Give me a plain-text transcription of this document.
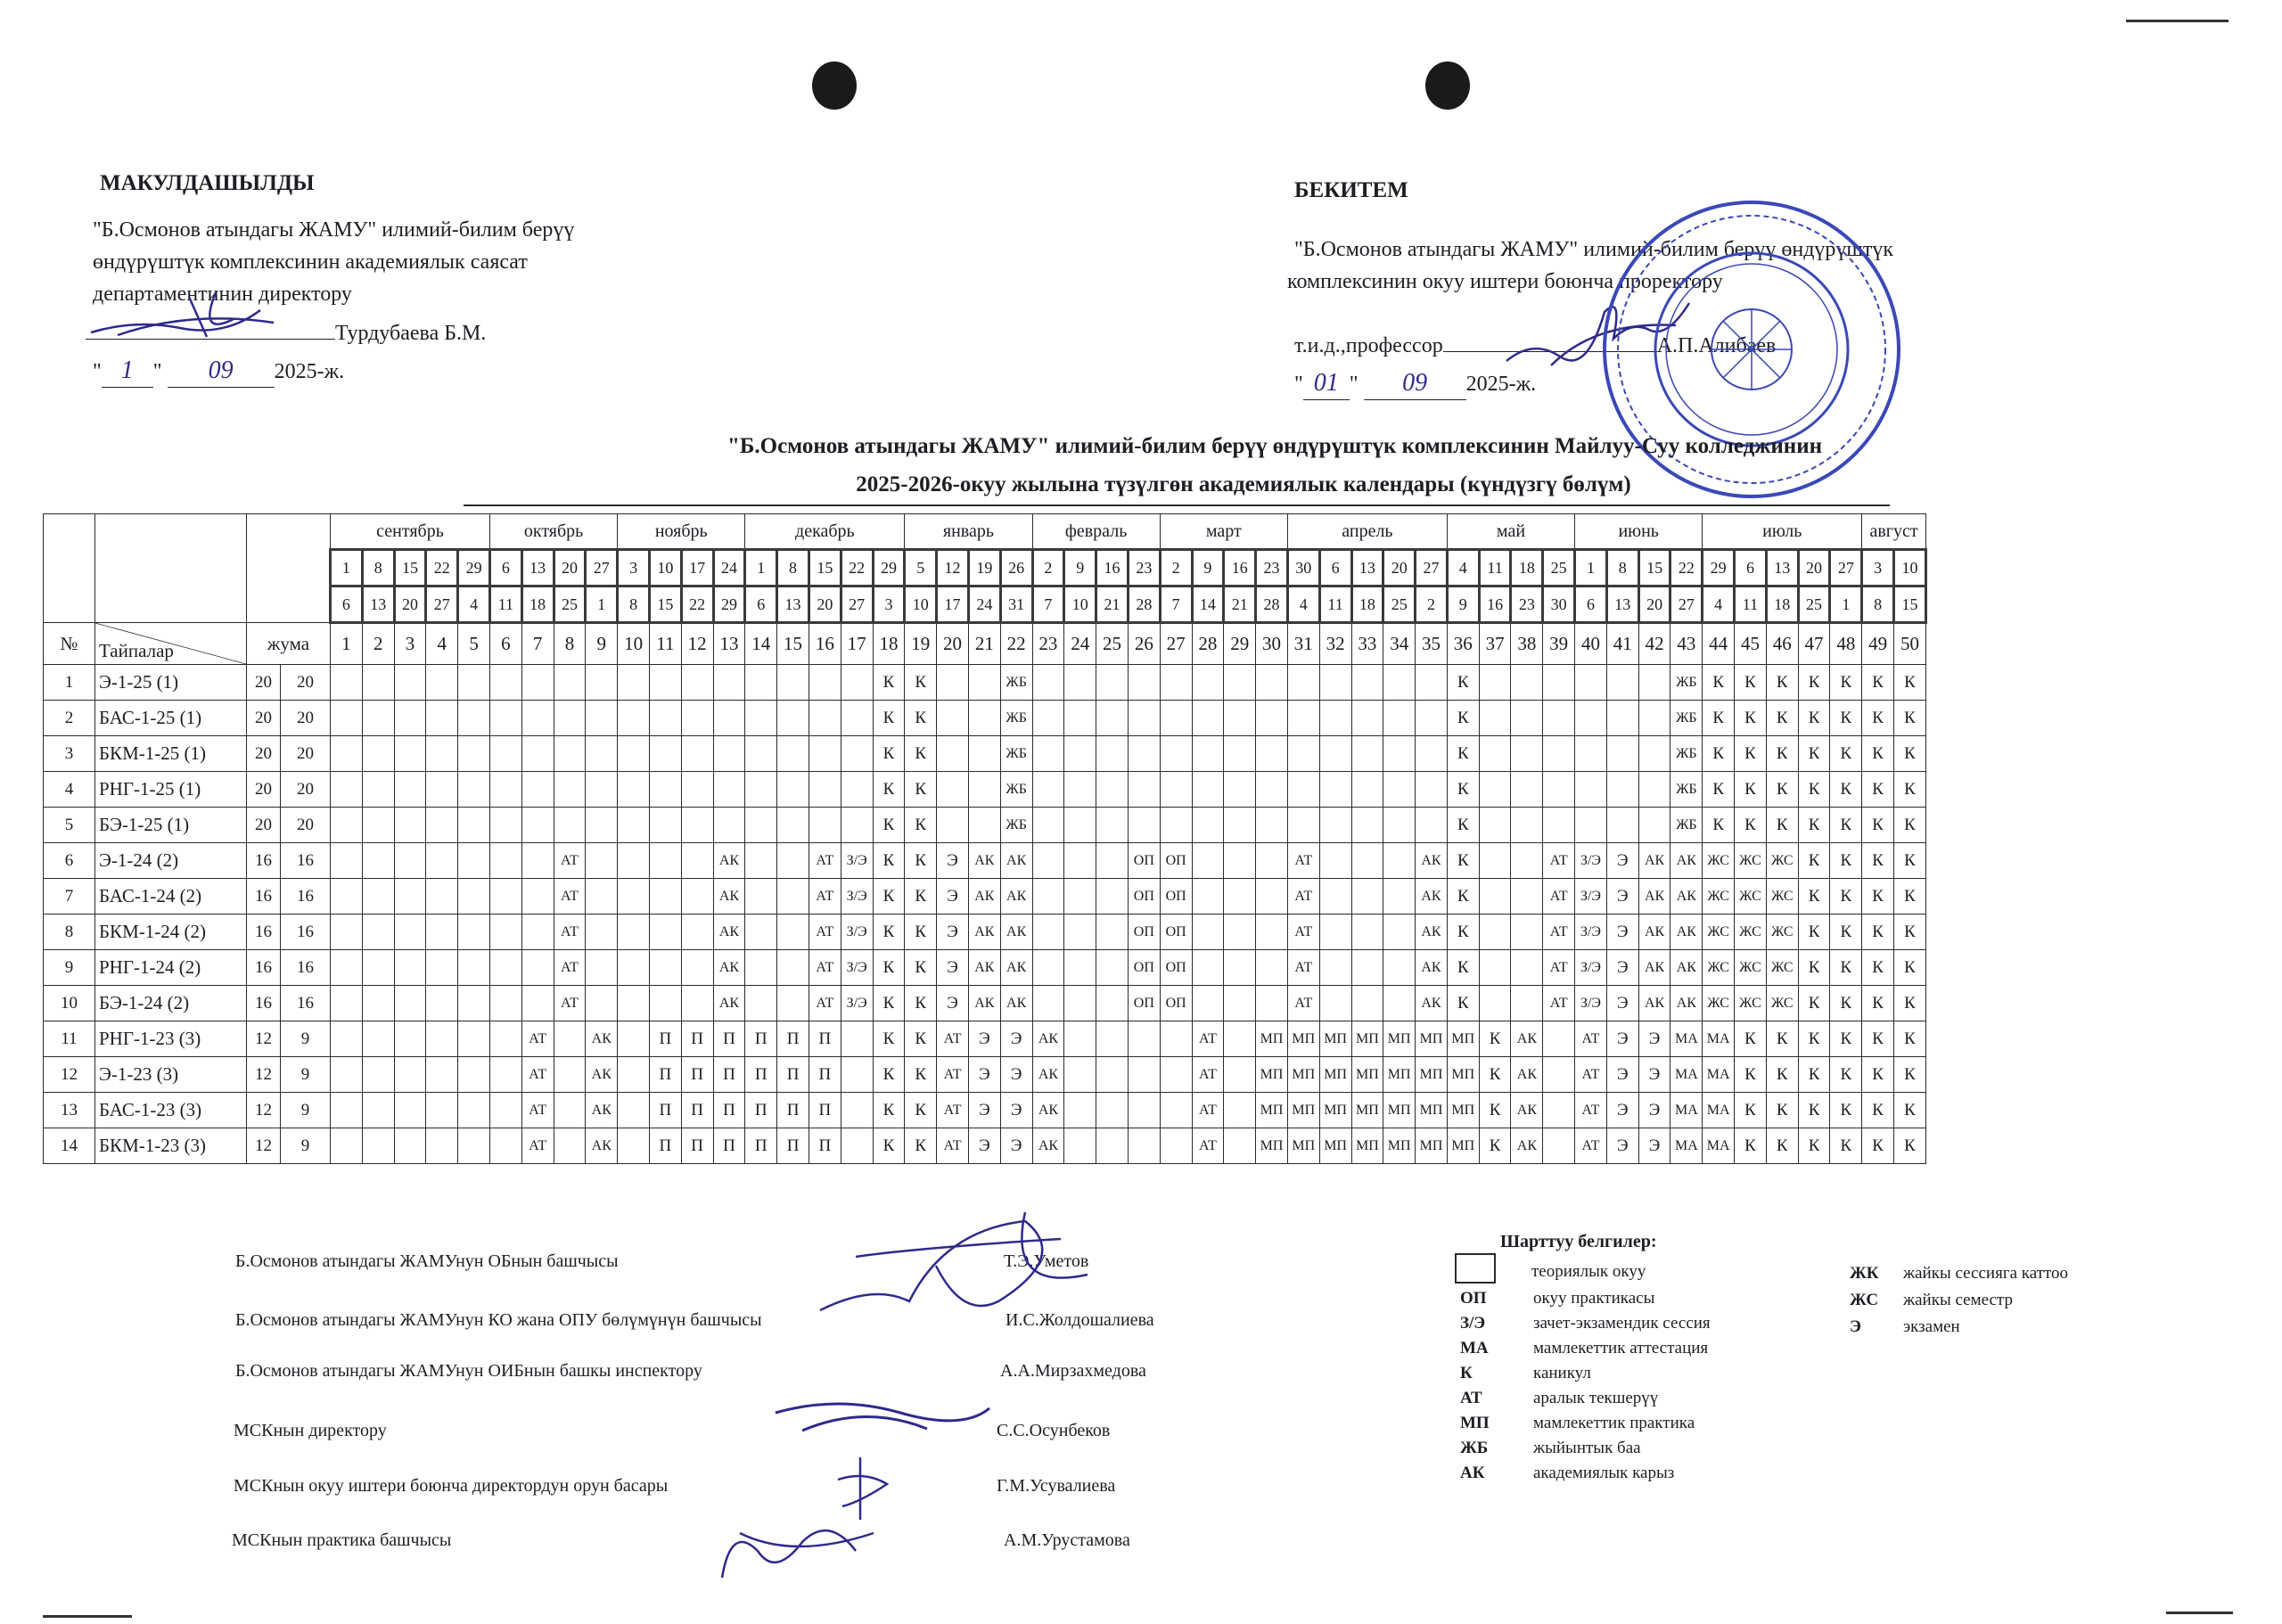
МАКУЛДАШЫЛДЫ
"Б.Осмонов атындагы ЖАМУ" илимий-билим берүү
өндүрүштүк комплексинин академиялык саясат
департаментинин директору
Турдубаева Б.М.
" 1 " 09 2025-ж.
БЕКИТЕМ
"Б.Осмонов атындагы ЖАМУ" илимий-билим берүү өндүрүштүк
комплексинин окуу иштери боюнча проректору
т.и.д.,профессор	А.П.Алибаев
" 01 " 09 2025-ж.
"Б.Осмонов атындагы ЖАМУ" илимий-билим берүү өндүрүштүк комплексинин Майлуу-Суу колледжинин
2025-2026-окуу жылына түзүлгөн академиялык календары (күндүзгү бөлүм)
				сентябрь					октябрь				ноябрь				декабрь					январь				февраль				март				апрель					май				июнь				июль					август	
				1	8	15	22	29	6	13	20	27	3	10	17	24	1	8	15	22	29	5	12	19	26	2	9	16	23	2	9	16	23	30	6	13	20	27	4	11	18	25	1	8	15	22	29	6	13	20	27	3	10
				6	13	20	27	4	11	18	25	1	8	15	22	29	6	13	20	27	3	10	17	24	31	7	10	21	28	7	14	21	28	4	11	18	25	2	9	16	23	30	6	13	20	27	4	11	18	25	1	8	15
№	Тайпалар	жума		1	2	3	4	5	6	7	8	9	10	11	12	13	14	15	16	17	18	19	20	21	22	23	24	25	26	27	28	29	30	31	32	33	34	35	36	37	38	39	40	41	42	43	44	45	46	47	48	49	50
1	Э-1-25 (1)	20	20																		К	К			ЖБ														К							ЖБ	К	К	К	К	К	К	К
2	БАС-1-25 (1)	20	20																		К	К			ЖБ														К							ЖБ	К	К	К	К	К	К	К
3	БКМ-1-25 (1)	20	20																		К	К			ЖБ														К							ЖБ	К	К	К	К	К	К	К
4	РНГ-1-25 (1)	20	20																		К	К			ЖБ														К							ЖБ	К	К	К	К	К	К	К
5	БЭ-1-25 (1)	20	20																		К	К			ЖБ														К							ЖБ	К	К	К	К	К	К	К
6	Э-1-24 (2)	16	16								АТ					АК			АТ	З/Э	К	К	Э	АК	АК				ОП	ОП				АТ				АК	К			АТ	З/Э	Э	АК	АК	ЖС	ЖС	ЖС	К	К	К	К
7	БАС-1-24 (2)	16	16								АТ					АК			АТ	З/Э	К	К	Э	АК	АК				ОП	ОП				АТ				АК	К			АТ	З/Э	Э	АК	АК	ЖС	ЖС	ЖС	К	К	К	К
8	БКМ-1-24 (2)	16	16								АТ					АК			АТ	З/Э	К	К	Э	АК	АК				ОП	ОП				АТ				АК	К			АТ	З/Э	Э	АК	АК	ЖС	ЖС	ЖС	К	К	К	К
9	РНГ-1-24 (2)	16	16								АТ					АК			АТ	З/Э	К	К	Э	АК	АК				ОП	ОП				АТ				АК	К			АТ	З/Э	Э	АК	АК	ЖС	ЖС	ЖС	К	К	К	К
10	БЭ-1-24 (2)	16	16								АТ					АК			АТ	З/Э	К	К	Э	АК	АК				ОП	ОП				АТ				АК	К			АТ	З/Э	Э	АК	АК	ЖС	ЖС	ЖС	К	К	К	К
11	РНГ-1-23 (3)	12	9							АТ		АК		П	П	П	П	П	П		К	К	АТ	Э	Э	АК					АТ		МП	МП	МП	МП	МП	МП	МП	К	АК		АТ	Э	Э	МА	МА	К	К	К	К	К	К
12	Э-1-23 (3)	12	9							АТ		АК		П	П	П	П	П	П		К	К	АТ	Э	Э	АК					АТ		МП	МП	МП	МП	МП	МП	МП	К	АК		АТ	Э	Э	МА	МА	К	К	К	К	К	К
13	БАС-1-23 (3)	12	9							АТ		АК		П	П	П	П	П	П		К	К	АТ	Э	Э	АК					АТ		МП	МП	МП	МП	МП	МП	МП	К	АК		АТ	Э	Э	МА	МА	К	К	К	К	К	К
14	БКМ-1-23 (3)	12	9							АТ		АК		П	П	П	П	П	П		К	К	АТ	Э	Э	АК					АТ		МП	МП	МП	МП	МП	МП	МП	К	АК		АТ	Э	Э	МА	МА	К	К	К	К	К	К
Б.Осмонов атындагы ЖАМУнун ОБнын башчысы	Т.Э.Уметов
Б.Осмонов атындагы ЖАМУнун КО жана ОПУ бөлүмүнүн башчысы	И.С.Жолдошалиева
Б.Осмонов атындагы ЖАМУнун ОИБнын башкы инспектору	А.А.Мирзахмедова
МСКнын директору	С.С.Осунбеков
МСКнын окуу иштери боюнча директордун орун басары	Г.М.Усувалиева
МСКнын практика башчысы	А.М.Урустамова
Шарттуу белгилер:
теориялык окуу
ОП	окуу практикасы
З/Э	зачет-экзамендик сессия
МА	мамлекеттик аттестация
К	каникул
АТ	аралык текшерүү
МП	мамлекеттик практика
ЖБ	жыйынтык баа
АК	академиялык карыз
ЖК жайкы сессияга каттоо
ЖС жайкы семестр
Э экзамен
